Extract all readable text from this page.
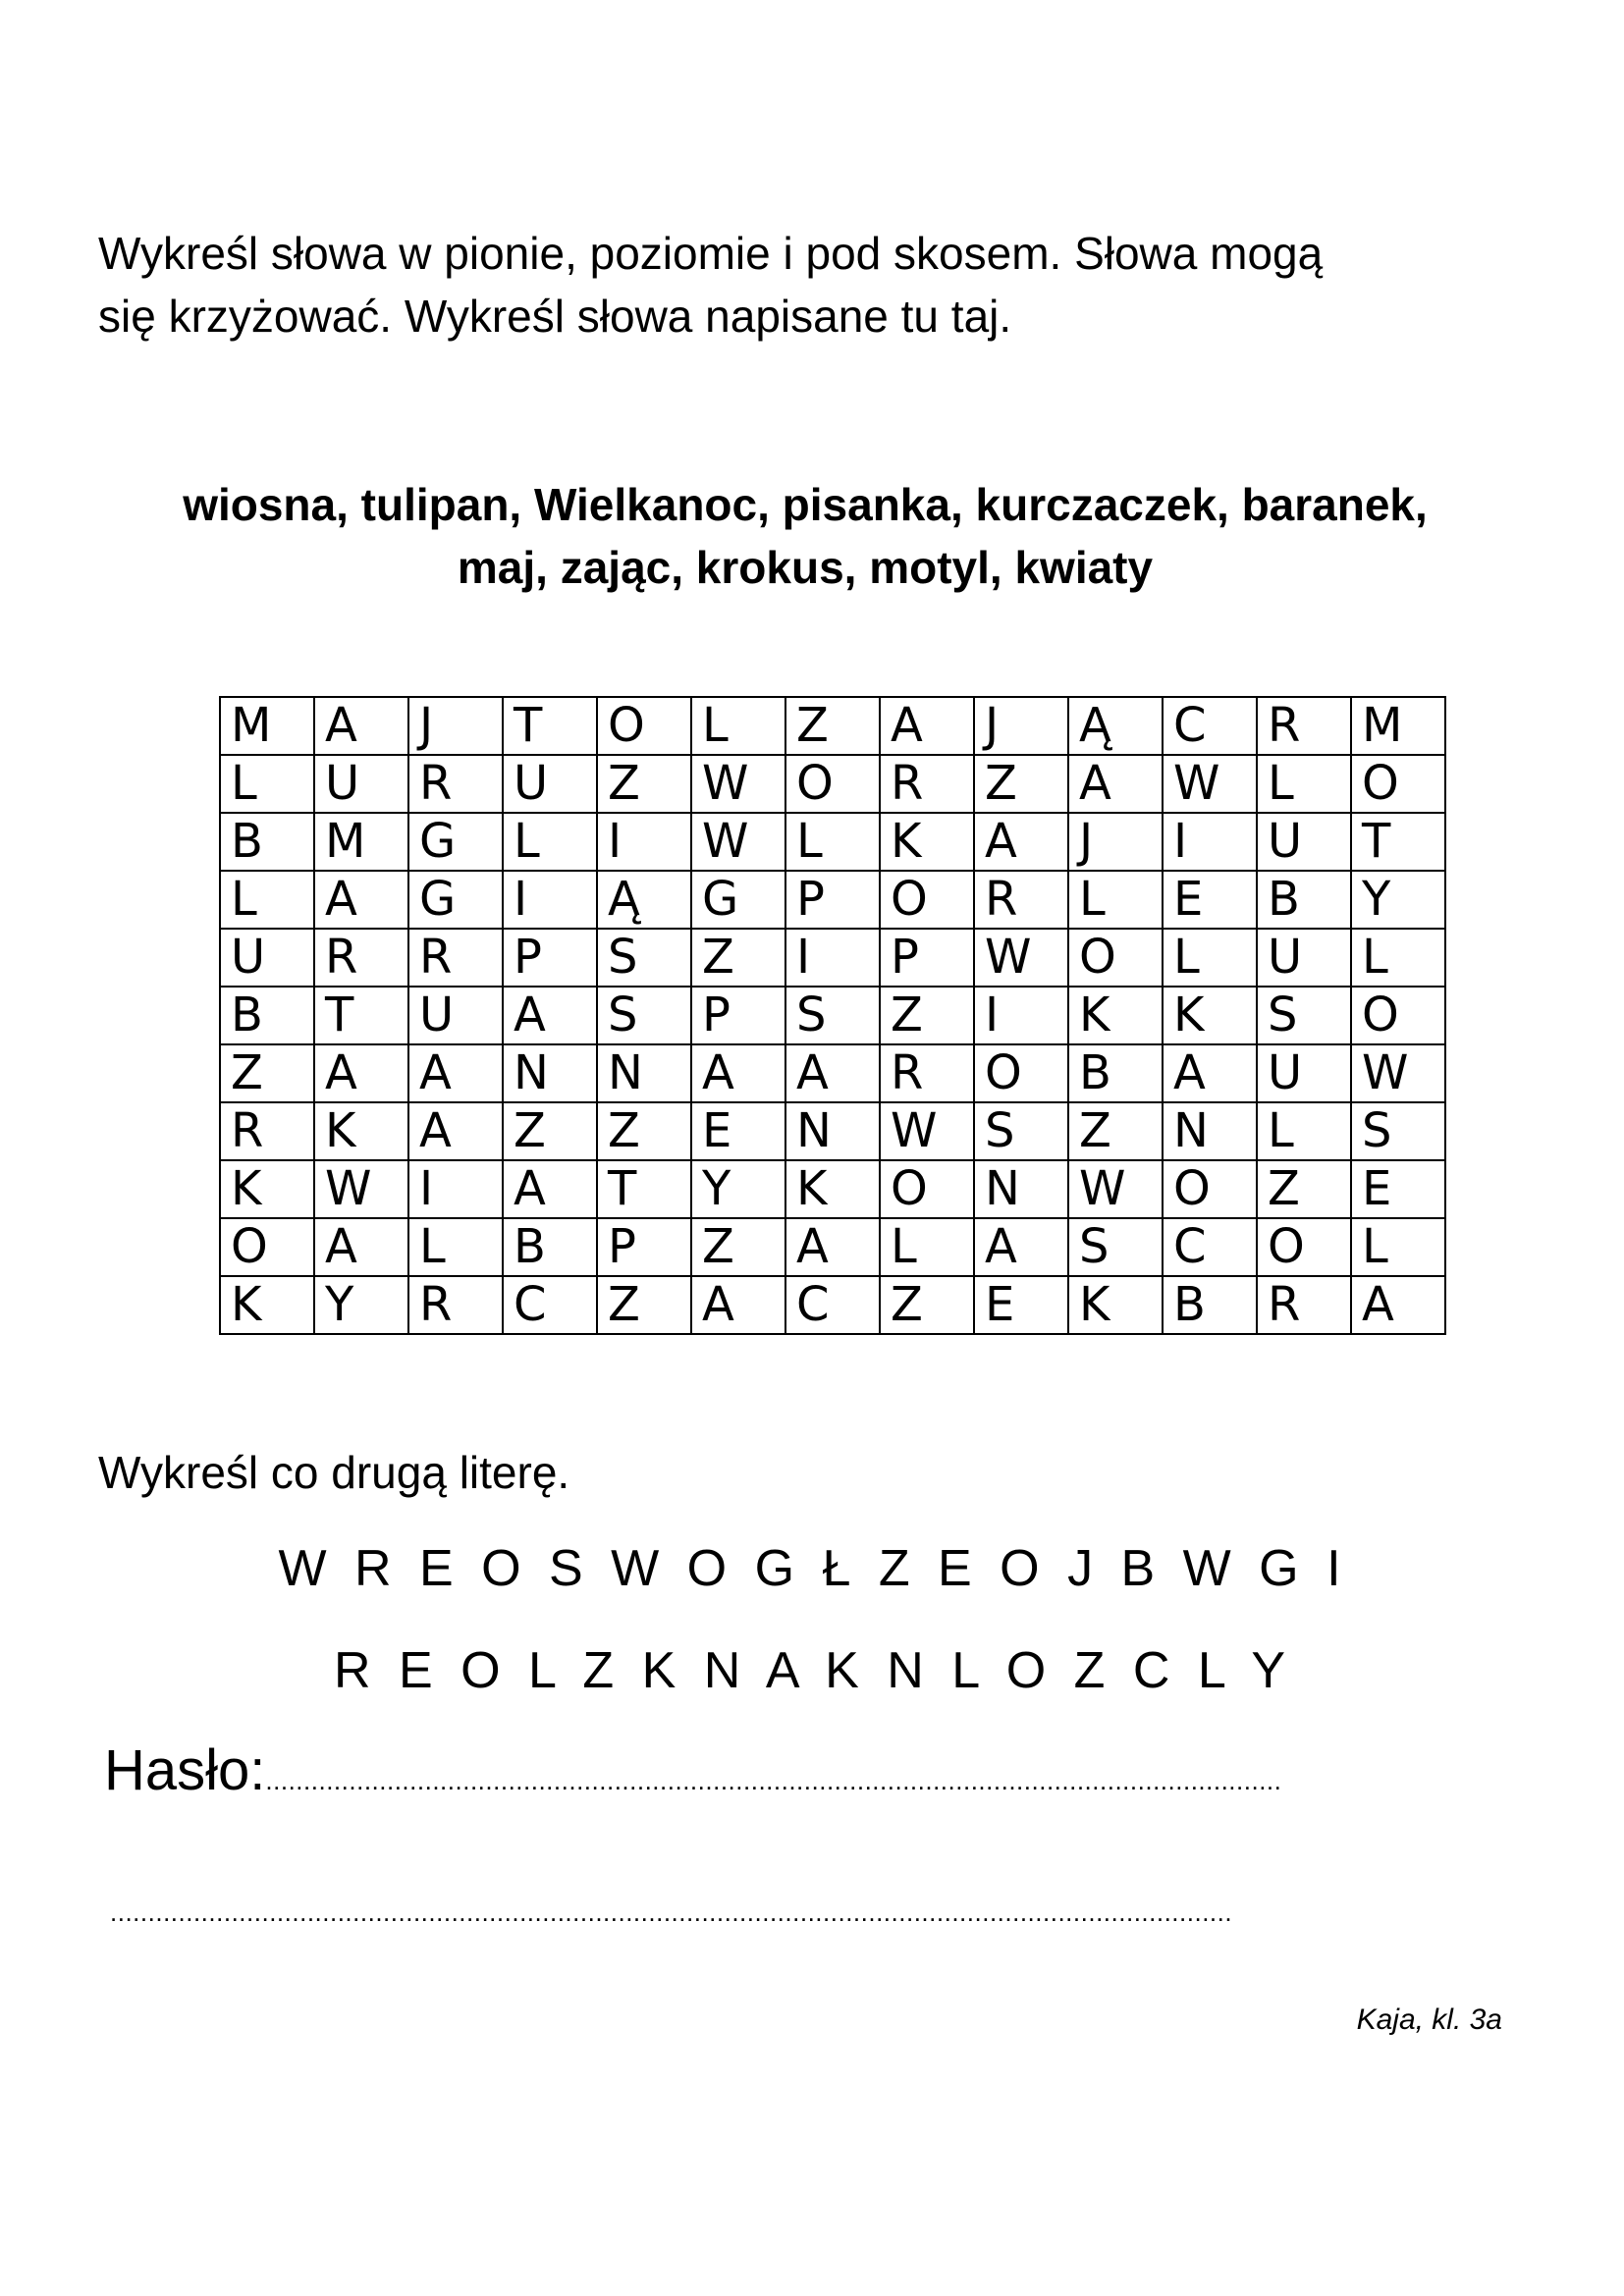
Wykreśl słowa w pionie, poziomie i pod skosem. Słowa mogą
się krzyżować. Wykreśl słowa napisane tu taj.

wiosna, tulipan, Wielkanoc, pisanka, kurczaczek, baranek,
maj, zając, krokus, motyl, kwiaty

M	A	J	T	O	L	Z	A	J	Ą	C	R	M
L	U	R	U	Z	W	O	R	Z	A	W	L	O
B	M	G	L	I	W	L	K	A	J	I	U	T
L	A	G	I	Ą	G	P	O	R	L	E	B	Y
U	R	R	P	S	Z	I	P	W	O	L	U	L
B	T	U	A	S	P	S	Z	I	K	K	S	O
Z	A	A	N	N	A	A	R	O	B	A	U	W
R	K	A	Z	Z	E	N	W	S	Z	N	L	S
K	W	I	A	T	Y	K	O	N	W	O	Z	E
O	A	L	B	P	Z	A	L	A	S	C	O	L
K	Y	R	C	Z	A	C	Z	E	K	B	R	A

Wykreśl co drugą literę.

W R E O S W O G Ł Z E O J B W G I

R E O L Z K N A K N L O Z C L Y

Hasło:......................................................................................................................................

....................................................................................................................................................

Kaja, kl. 3a
